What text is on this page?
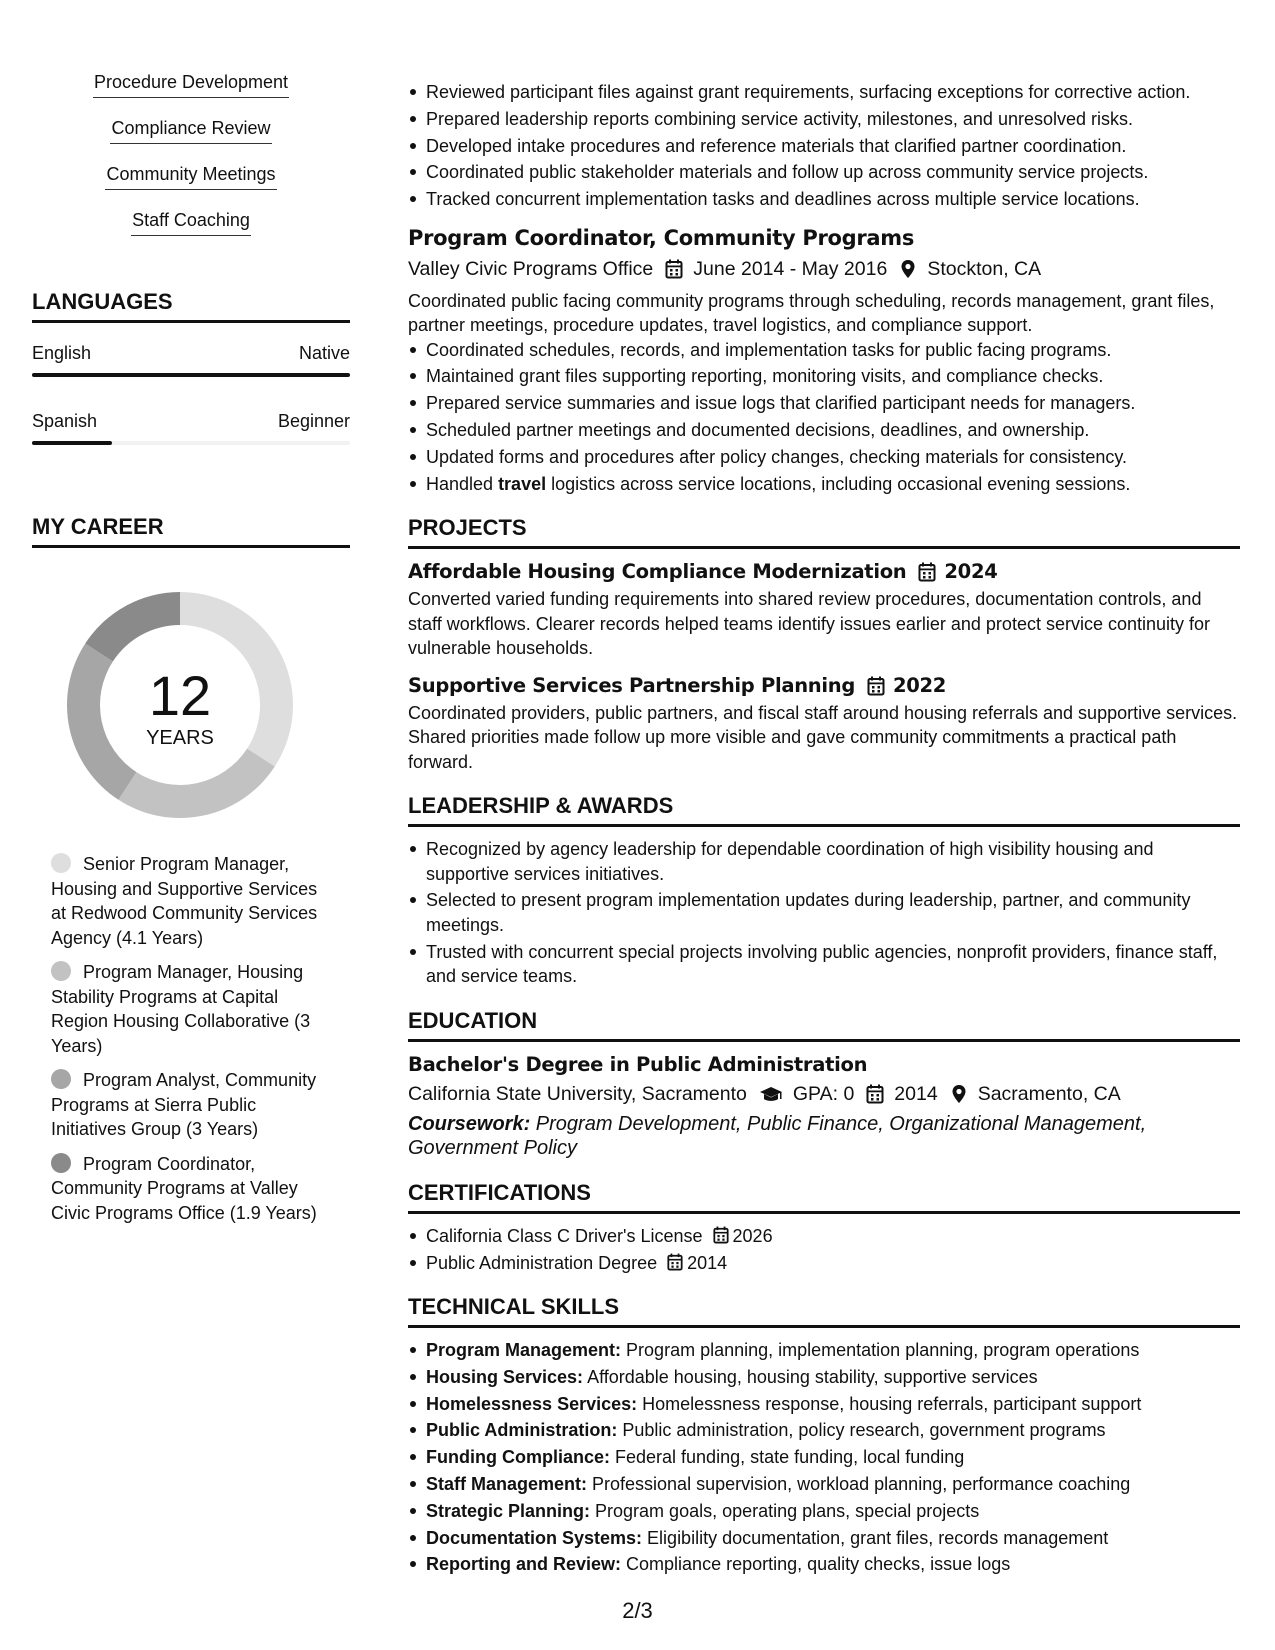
Procedure Development
Compliance Review
Community Meetings
Staff Coaching
LANGUAGES
English	Native
Spanish	Beginner
MY CAREER
12
YEARS
Senior Program Manager, Housing and Supportive Services at Redwood Community Services Agency (4.1 Years)
Program Manager, Housing Stability Programs at Capital Region Housing Collaborative (3 Years)
Program Analyst, Community Programs at Sierra Public Initiatives Group (3 Years)
Program Coordinator, Community Programs at Valley Civic Programs Office (1.9 Years)
Reviewed participant files against grant requirements, surfacing exceptions for corrective action.
Prepared leadership reports combining service activity, milestones, and unresolved risks.
Developed intake procedures and reference materials that clarified partner coordination.
Coordinated public stakeholder materials and follow up across community service projects.
Tracked concurrent implementation tasks and deadlines across multiple service locations.
Program Coordinator, Community Programs
Valley Civic Programs Office June 2014 - May 2016 Stockton, CA
Coordinated public facing community programs through scheduling, records management, grant files, partner meetings, procedure updates, travel logistics, and compliance support.
Coordinated schedules, records, and implementation tasks for public facing programs.
Maintained grant files supporting reporting, monitoring visits, and compliance checks.
Prepared service summaries and issue logs that clarified participant needs for managers.
Scheduled partner meetings and documented decisions, deadlines, and ownership.
Updated forms and procedures after policy changes, checking materials for consistency.
Handled travel logistics across service locations, including occasional evening sessions.
PROJECTS
Affordable Housing Compliance Modernization 2024
Converted varied funding requirements into shared review procedures, documentation controls, and staff workflows. Clearer records helped teams identify issues earlier and protect service continuity for vulnerable households.
Supportive Services Partnership Planning 2022
Coordinated providers, public partners, and fiscal staff around housing referrals and supportive services. Shared priorities made follow up more visible and gave community commitments a practical path forward.
LEADERSHIP & AWARDS
Recognized by agency leadership for dependable coordination of high visibility housing and supportive services initiatives.
Selected to present program implementation updates during leadership, partner, and community meetings.
Trusted with concurrent special projects involving public agencies, nonprofit providers, finance staff, and service teams.
EDUCATION
Bachelor's Degree in Public Administration
California State University, Sacramento GPA: 0 2014 Sacramento, CA
Coursework: Program Development, Public Finance, Organizational Management, Government Policy
CERTIFICATIONS
California Class C Driver's License 2026
Public Administration Degree 2014
TECHNICAL SKILLS
Program Management: Program planning, implementation planning, program operations
Housing Services: Affordable housing, housing stability, supportive services
Homelessness Services: Homelessness response, housing referrals, participant support
Public Administration: Public administration, policy research, government programs
Funding Compliance: Federal funding, state funding, local funding
Staff Management: Professional supervision, workload planning, performance coaching
Strategic Planning: Program goals, operating plans, special projects
Documentation Systems: Eligibility documentation, grant files, records management
Reporting and Review: Compliance reporting, quality checks, issue logs
2/3
